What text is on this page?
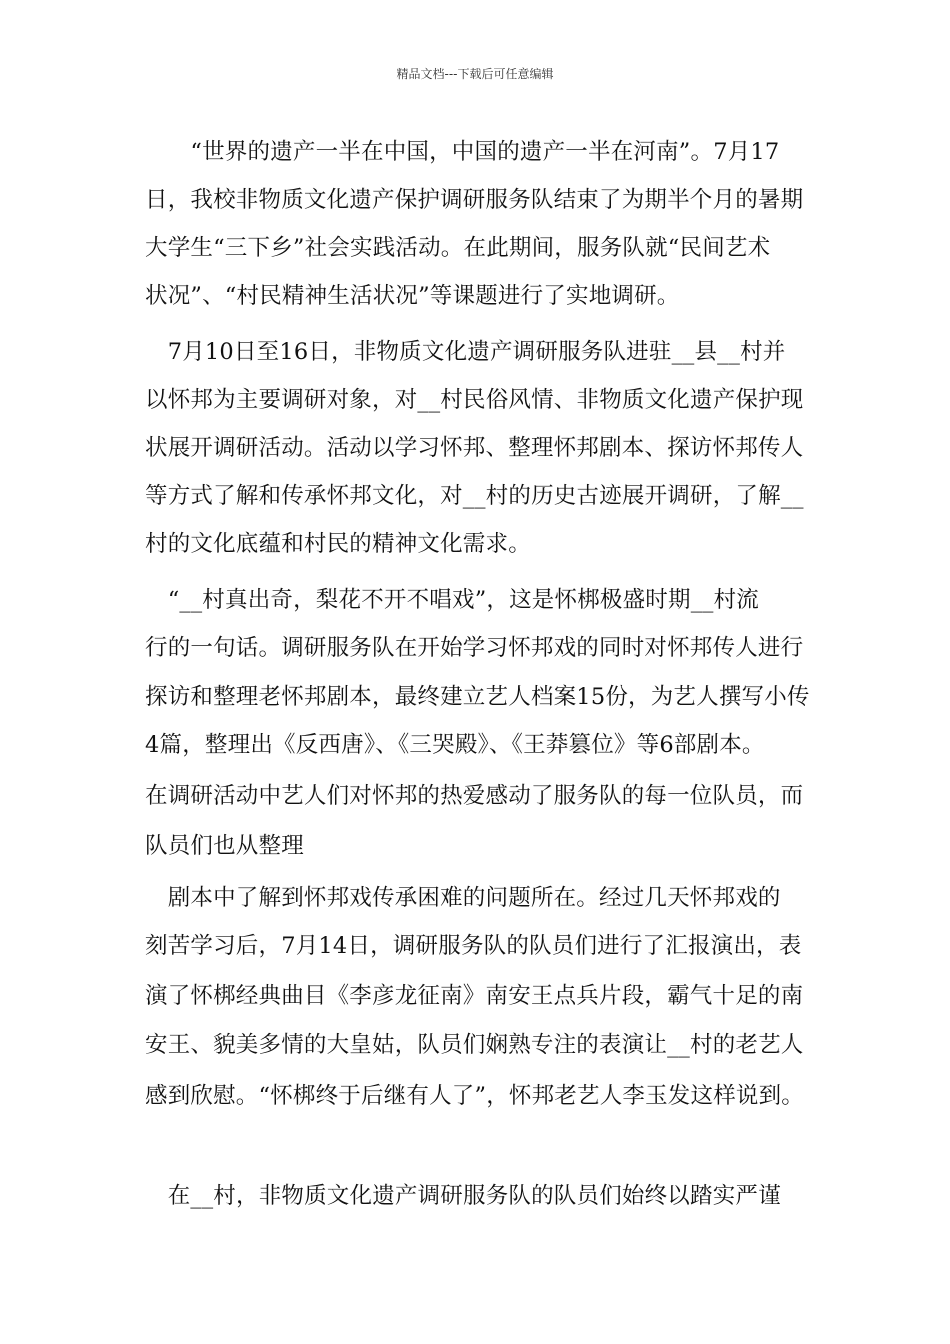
精品文档---下载后可任意编辑
　　“世界的遗产一半在中国，中国的遗产一半在河南”。7月17
日，我校非物质文化遗产保护调研服务队结束了为期半个月的暑期
大学生“三下乡”社会实践活动。在此期间，服务队就“民间艺术
状况”、“村民精神生活状况”等课题进行了实地调研。
　7月10日至16日，非物质文化遗产调研服务队进驻__县__村并
以怀邦为主要调研对象，对__村民俗风情、非物质文化遗产保护现
状展开调研活动。活动以学习怀邦、整理怀邦剧本、探访怀邦传人
等方式了解和传承怀邦文化，对__村的历史古迹展开调研，了解__
村的文化底蕴和村民的精神文化需求。
　“__村真出奇，梨花不开不唱戏”，这是怀梆极盛时期__村流
行的一句话。调研服务队在开始学习怀邦戏的同时对怀邦传人进行
探访和整理老怀邦剧本，最终建立艺人档案15份，为艺人撰写小传
4篇，整理出《反西唐》、《三哭殿》、《王莽篡位》等6部剧本。
在调研活动中艺人们对怀邦的热爱感动了服务队的每一位队员，而
队员们也从整理
　剧本中了解到怀邦戏传承困难的问题所在。经过几天怀邦戏的
刻苦学习后，7月14日，调研服务队的队员们进行了汇报演出，表
演了怀梆经典曲目《李彦龙征南》南安王点兵片段，霸气十足的南
安王、貌美多情的大皇姑，队员们娴熟专注的表演让__村的老艺人
感到欣慰。“怀梆终于后继有人了”，怀邦老艺人李玉发这样说到。
　在__村，非物质文化遗产调研服务队的队员们始终以踏实严谨
